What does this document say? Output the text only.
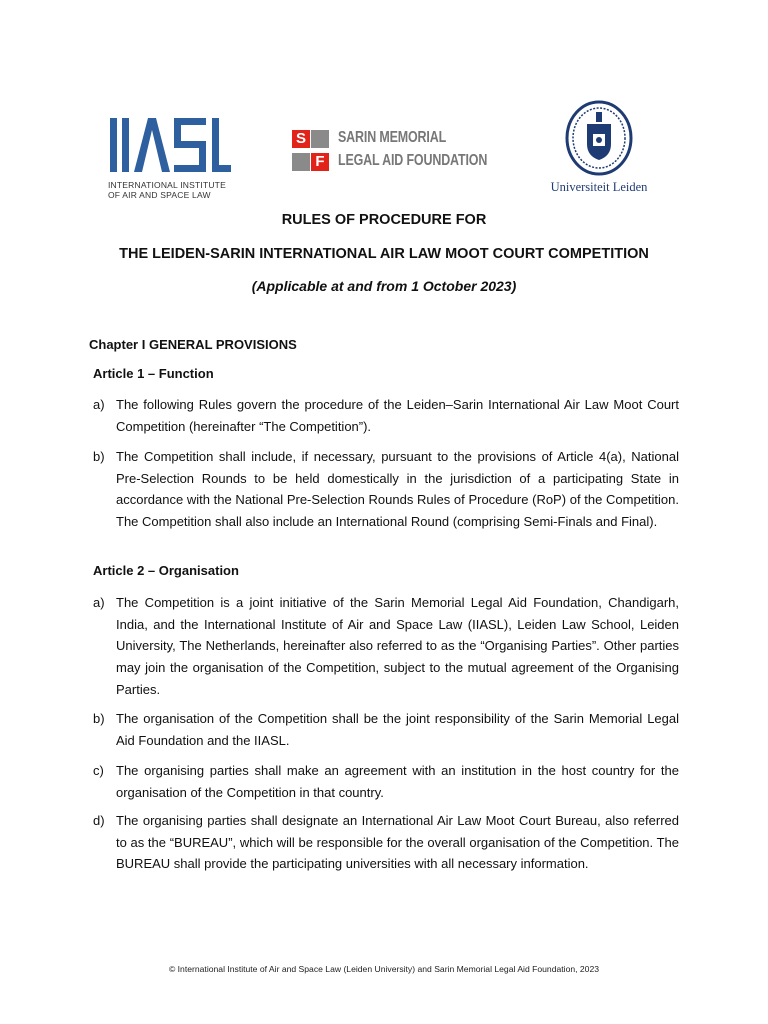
INTERNATIONAL INSTITUTE
OF AIR AND SPACE LAW
S
F
SARIN MEMORIAL
LEGAL AID FOUNDATION
Universiteit Leiden
RULES OF PROCEDURE FOR
THE LEIDEN-SARIN INTERNATIONAL AIR LAW MOOT COURT COMPETITION
(Applicable at and from 1 October 2023)
Chapter I GENERAL PROVISIONS
Article 1 – Function
a) The following Rules govern the procedure of the Leiden–Sarin International Air Law Moot Court Competition (hereinafter “The Competition”).
b) The Competition shall include, if necessary, pursuant to the provisions of Article 4(a), National Pre-Selection Rounds to be held domestically in the jurisdiction of a participating State in accordance with the National Pre-Selection Rounds Rules of Procedure (RoP) of the Competition. The Competition shall also include an International Round (comprising Semi-Finals and Final).
Article 2 – Organisation
a) The Competition is a joint initiative of the Sarin Memorial Legal Aid Foundation, Chandigarh, India, and the International Institute of Air and Space Law (IIASL), Leiden Law School, Leiden University, The Netherlands, hereinafter also referred to as the “Organising Parties”. Other parties may join the organisation of the Competition, subject to the mutual agreement of the Organising Parties.
b) The organisation of the Competition shall be the joint responsibility of the Sarin Memorial Legal Aid Foundation and the IIASL.
c) The organising parties shall make an agreement with an institution in the host country for the organisation of the Competition in that country.
d) The organising parties shall designate an International Air Law Moot Court Bureau, also referred to as the “BUREAU”, which will be responsible for the overall organisation of the Competition. The BUREAU shall provide the participating universities with all necessary information.
© International Institute of Air and Space Law (Leiden University) and Sarin Memorial Legal Aid Foundation, 2023
